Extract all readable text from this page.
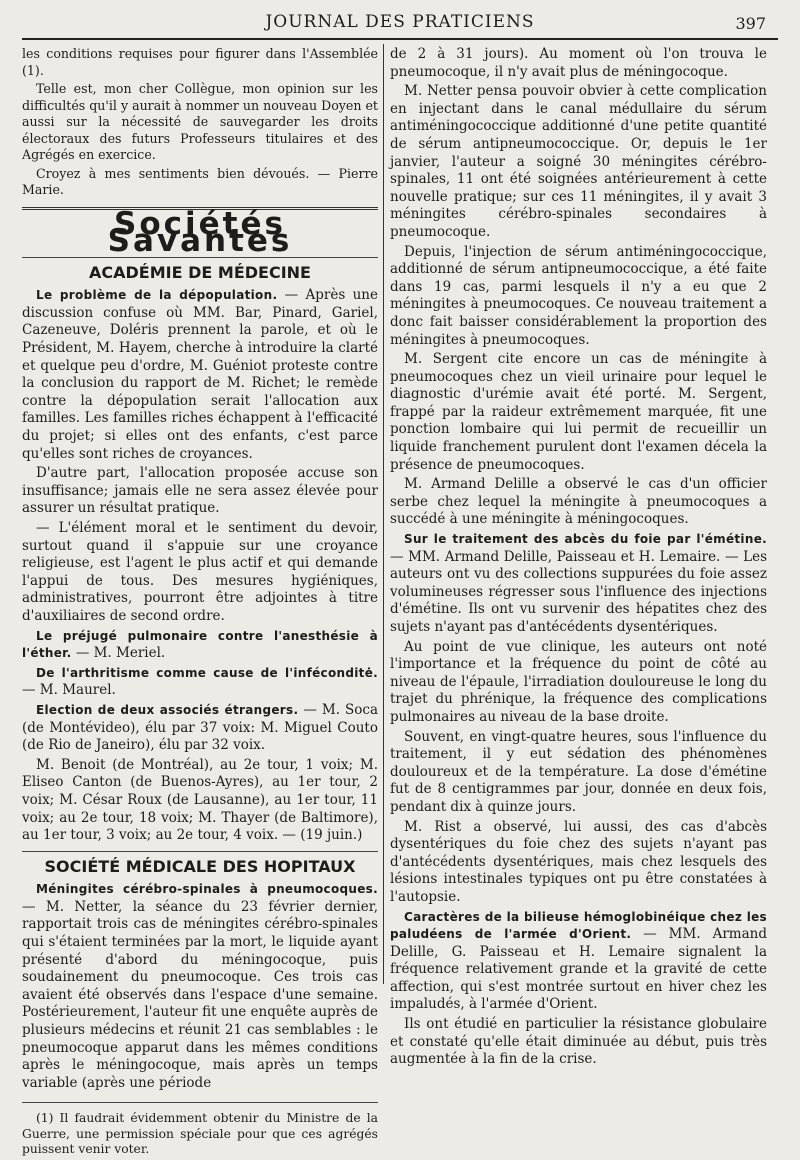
JOURNAL DES PRATICIENS	397

les conditions requises pour figurer dans l'Assemblée (1).

Telle est, mon cher Collègue, mon opinion sur les difficultés qu'il y aurait à nommer un nouveau Doyen et aussi sur la nécessité de sauvegarder les droits électoraux des futurs Professeurs titulaires et des Agrégés en exercice.

Croyez à mes sentiments bien dévoués. — Pierre Marie.

Sociétés Savantes
ACADÉMIE DE MÉDECINE

Le problème de la dépopulation. — Après une discussion confuse où MM. Bar, Pinard, Gariel, Cazeneuve, Doléris prennent la parole, et où le Président, M. Hayem, cherche à introduire la clarté et quelque peu d'ordre, M. Guéniot proteste contre la conclusion du rapport de M. Richet; le remède contre la dépopulation serait l'allocation aux familles. Les familles riches échappent à l'efficacité du projet; si elles ont des enfants, c'est parce qu'elles sont riches de croyances.

D'autre part, l'allocation proposée accuse son insuffisance; jamais elle ne sera assez élevée pour assurer un résultat pratique.

— L'élément moral et le sentiment du devoir, surtout quand il s'appuie sur une croyance religieuse, est l'agent le plus actif et qui demande l'appui de tous. Des mesures hygiéniques, administratives, pourront être adjointes à titre d'auxiliaires de second ordre.

Le préjugé pulmonaire contre l'anesthésie à l'éther. — M. Meriel.

De l'arthritisme comme cause de l'inféconditė. — M. Maurel.

Election de deux associés étrangers. — M. Soca (de Montévideo), élu par 37 voix: M. Miguel Couto (de Rio de Janeiro), élu par 32 voix.

M. Benoit (de Montréal), au 2e tour, 1 voix; M. Eliseo Canton (de Buenos-Ayres), au 1er tour, 2 voix; M. César Roux (de Lausanne), au 1er tour, 11 voix; au 2e tour, 18 voix; M. Thayer (de Baltimore), au 1er tour, 3 voix; au 2e tour, 4 voix. — (19 juin.)

SOCIÉTÉ MÉDICALE DES HOPITAUX

Méningites cérébro-spinales à pneumocoques. — M. Netter, la séance du 23 février dernier, rapportait trois cas de méningites cérébro-spinales qui s'étaient terminées par la mort, le liquide ayant présenté d'abord du méningocoque, puis soudainement du pneumocoque. Ces trois cas avaient été observés dans l'espace d'une semaine. Postérieurement, l'auteur fit une enquête auprès de plusieurs médecins et réunit 21 cas semblables : le pneumocoque apparut dans les mêmes conditions après le méningocoque, mais après un temps variable (après une période

(1) Il faudrait évidemment obtenir du Ministre de la Guerre, une permission spéciale pour que ces agrégés puissent venir voter.

de 2 à 31 jours). Au moment où l'on trouva le pneumocoque, il n'y avait plus de méningocoque.

M. Netter pensa pouvoir obvier à cette complication en injectant dans le canal médullaire du sérum antiméningococcique additionné d'une petite quantité de sérum antipneumococcique. Or, depuis le 1er janvier, l'auteur a soigné 30 méningites cérébro-spinales, 11 ont été soignées antérieurement à cette nouvelle pratique; sur ces 11 méningites, il y avait 3 méningites cérébro-spinales secondaires à pneumocoque.

Depuis, l'injection de sérum antiméningococcique, additionné de sérum antipneumococcique, a été faite dans 19 cas, parmi lesquels il n'y a eu que 2 méningites à pneumocoques. Ce nouveau traitement a donc fait baisser considérablement la proportion des méningites à pneumocoques.

M. Sergent cite encore un cas de méningite à pneumocoques chez un vieil urinaire pour lequel le diagnostic d'urémie avait été porté. M. Sergent, frappé par la raideur extrêmement marquée, fit une ponction lombaire qui lui permit de recueillir un liquide franchement purulent dont l'examen décela la présence de pneumocoques.

M. Armand Delille a observé le cas d'un officier serbe chez lequel la méningite à pneumocoques a succédé à une méningite à méningocoques.

Sur le traitement des abcès du foie par l'émétine. — MM. Armand Delille, Paisseau et H. Lemaire. — Les auteurs ont vu des collections suppurées du foie assez volumineuses régresser sous l'influence des injections d'émétine. Ils ont vu survenir des hépatites chez des sujets n'ayant pas d'antécédents dysentériques.

Au point de vue clinique, les auteurs ont noté l'importance et la fréquence du point de côté au niveau de l'épaule, l'irradiation douloureuse le long du trajet du phrénique, la fréquence des complications pulmonaires au niveau de la base droite.

Souvent, en vingt-quatre heures, sous l'influence du traitement, il y eut sédation des phénomènes douloureux et de la température. La dose d'émétine fut de 8 centigrammes par jour, donnée en deux fois, pendant dix à quinze jours.

M. Rist a observé, lui aussi, des cas d'abcès dysentériques du foie chez des sujets n'ayant pas d'antécédents dysentériques, mais chez lesquels des lésions intestinales typiques ont pu être constatées à l'autopsie.

Caractères de la bilieuse hémoglobinéique chez les paludéens de l'armée d'Orient. — MM. Armand Delille, G. Paisseau et H. Lemaire signalent la fréquence relativement grande et la gravité de cette affection, qui s'est montrée surtout en hiver chez les impaludés, à l'armée d'Orient.

Ils ont étudié en particulier la résistance globulaire et constaté qu'elle était diminuée au début, puis très augmentée à la fin de la crise.
